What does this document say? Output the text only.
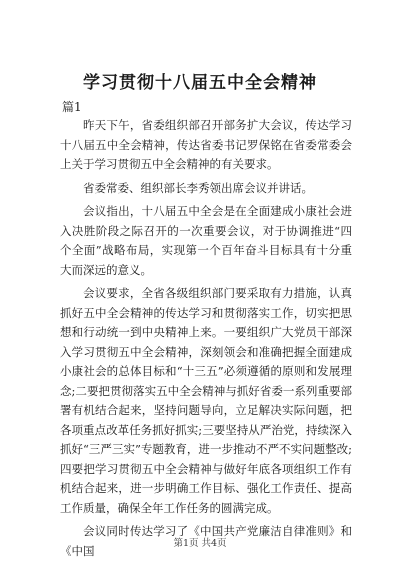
学习贯彻十八届五中全会精神
篇1

昨天下午，省委组织部召开部务扩大会议，传达学习十八届五中全会精神，传达省委书记罗保铭在省委常委会上关于学习贯彻五中全会精神的有关要求。

省委常委、组织部长李秀领出席会议并讲话。

会议指出，十八届五中全会是在全面建成小康社会进入决胜阶段之际召开的一次重要会议，对于协调推进“四个全面”战略布局，实现第一个百年奋斗目标具有十分重大而深远的意义。

会议要求，全省各级组织部门要采取有力措施，认真抓好五中全会精神的传达学习和贯彻落实工作，切实把思想和行动统一到中央精神上来。一要组织广大党员干部深入学习贯彻五中全会精神，深刻领会和准确把握全面建成小康社会的总体目标和“十三五”必须遵循的原则和发展理念;二要把贯彻落实五中全会精神与抓好省委一系列重要部署有机结合起来，坚持问题导向，立足解决实际问题，把各项重点改革任务抓好抓实;三要坚持从严治党，持续深入抓好“三严三实”专题教育，进一步推动不严不实问题整改;四要把学习贯彻五中全会精神与做好年底各项组织工作有机结合起来，进一步明确工作目标、强化工作责任、提高工作质量，确保全年工作任务的圆满完成。

会议同时传达学习了《中国共产党廉洁自律准则》和《中国	第1页 共4页
